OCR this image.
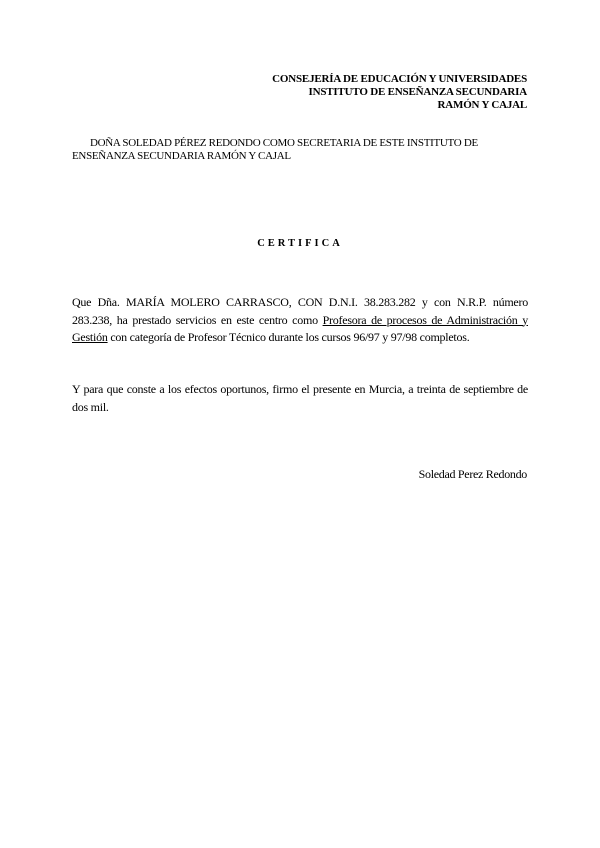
CONSEJERÍA DE EDUCACIÓN Y UNIVERSIDADES
INSTITUTO DE ENSEÑANZA SECUNDARIA
RAMÓN Y CAJAL
DOÑA SOLEDAD PÉREZ REDONDO COMO SECRETARIA DE ESTE INSTITUTO DE
ENSEÑANZA SECUNDARIA RAMÓN Y CAJAL
CERTIFICA
Que Dña. MARÍA MOLERO CARRASCO, CON D.N.I. 38.283.282 y con N.R.P. número 283.238, ha prestado servicios en este centro como Profesora de procesos de Administración y Gestión con categoría de Profesor Técnico durante los cursos 96/97 y 97/98 completos.
Y para que conste a los efectos oportunos, firmo el presente en Murcia, a treinta de septiembre de dos mil.
Soledad Perez Redondo
